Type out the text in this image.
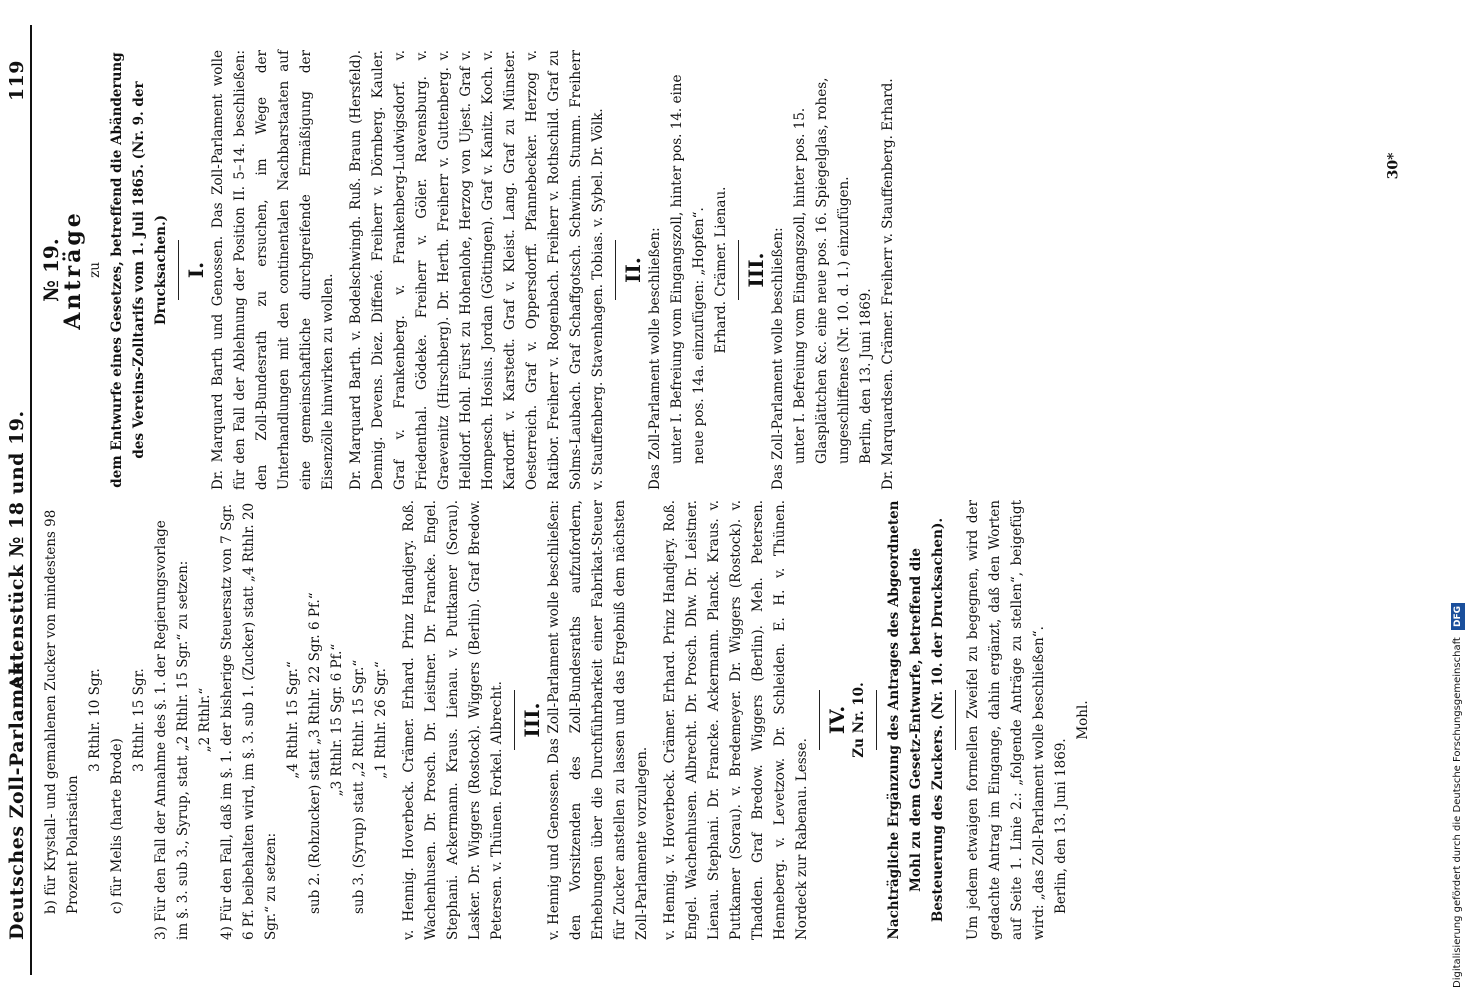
Deutsches Zoll-Parlament.
Aktenstück № 18 und 19.
119

b) für Krystall- und gemahlenen Zucker von mindestens 98 Prozent Polarisation

3 Rthlr. 10 Sgr.

c) für Melis (harte Brode)

3 Rthlr. 15 Sgr. 3) Für den Fall der Annahme des §. 1. der Regierungsvorlage im §. 3. sub 3., Syrup, statt „2 Rthlr. 15 Sgr.“ zu setzen: „2 Rthlr.“ 4) Für den Fall, daß im §. 1. der bisherige Steuersatz von 7 Sgr. 6 Pf. beibehalten wird, im §. 3. sub 1. (Zucker) statt „4 Rthlr. 20 Sgr.“ zu setzen:

„4 Rthlr. 15 Sgr.“ sub 2. (Rohzucker) statt „3 Rthlr. 22 Sgr. 6 Pf.“ „3 Rthlr. 15 Sgr. 6 Pf.“ sub 3. (Syrup) statt „2 Rthlr. 15 Sgr.“ „1 Rthlr. 26 Sgr.“ v. Hennig. Hoverbeck. Crämer. Erhard. Prinz Handjery. Roß. Wachenhusen. Dr. Prosch. Dr. Leistner. Dr. Francke. Engel. Stephani. Ackermann. Kraus. Lienau. v. Puttkamer (Sorau). Lasker. Dr. Wiggers (Rostock). Wiggers (Berlin). Graf Bredow. Petersen. v. Thünen. Forkel. Albrecht. III. v. Hennig und Genossen. Das Zoll-Parlament wolle beschließen: den Vorsitzenden des Zoll-Bundesraths aufzufordern, Erhebungen über die Durchführbarkeit einer Fabrikat-Steuer für Zucker anstellen zu lassen und das Ergebniß dem nächsten Zoll-Parlamente vorzulegen. v. Hennig. v. Hoverbeck. Crämer. Erhard. Prinz Handjery. Roß. Engel. Wachenhusen. Albrecht. Dr. Prosch. Dhw. Dr. Leistner. Lienau. Stephani. Dr. Francke. Ackermann. Planck. Kraus. v. Puttkamer (Sorau). v. Bredemeyer. Dr. Wiggers (Rostock). v. Thadden. Graf Bredow. Wiggers (Berlin). Meh. Petersen. Henneberg. v. Levetzow. Dr. Schleiden. E. H. v. Thünen. Nordeck zur Rabenau. Lesse.

IV. Zu Nr. 10. Nachträgliche Ergänzung des Antrages des Abgeordneten Mohl zu dem Gesetz-Entwurfe, betreffend die Besteuerung des Zuckers. (Nr. 10. der Drucksachen). Um jedem etwaigen formellen Zweifel zu begegnen, wird der gedachte Antrag im Eingange, dahin ergänzt, daß den Worten auf Seite 1. Linie 2.: „folgende Anträge zu stellen“, beigefügt wird: „das Zoll-Parlament wolle beschließen“. Berlin, den 13. Juni 1869.

Mohl.

№ 19.

Anträge zu dem Entwurfe eines Gesetzes, betreffend die Abänderung des Vereins-Zolltarifs vom 1. Juli 1865. (Nr. 9. der Drucksachen.) I. Dr. Marquard Barth und Genossen. Das Zoll-Parlament wolle für den Fall der Ablehnung der Position II. 5–14. beschließen: den Zoll-Bundesrath zu ersuchen, im Wege der Unterhandlungen mit den continentalen Nachbarstaaten auf eine gemeinschaftliche durchgreifende Ermäßigung der Eisenzölle hinwirken zu wollen. Dr. Marquard Barth. v. Bodelschwingh. Ruß. Braun (Hersfeld). Dennig. Devens. Diez. Diffené. Freiherr v. Dörnberg. Kauler. Graf v. Frankenberg. v. Frankenberg-Ludwigsdorf. v. Friedenthal. Gödeke. Freiherr v. Göler. Ravensburg. v. Graevenitz (Hirschberg). Dr. Herth. Freiherr v. Guttenberg. v. Helldorf. Hohl. Fürst zu Hohenlohe, Herzog von Ujest. Graf v. Hompesch. Hosius. Jordan (Göttingen). Graf v. Kanitz. Koch. v. Kardorff. v. Karstedt. Graf v. Kleist. Lang. Graf zu Münster. Oesterreich. Graf v. Oppersdorff. Pfannebecker. Herzog v. Ratibor. Freiherr v. Rogenbach. Freiherr v. Rothschild. Graf zu Solms-Laubach. Graf Schaffgotsch. Schwinn. Stumm. Freiherr v. Stauffenberg. Stavenhagen. Tobias. v. Sybel. Dr. Völk. II. Das Zoll-Parlament wolle beschließen: unter I. Befreiung vom Eingangszoll, hinter pos. 14. eine neue pos. 14a. einzufügen: „Hopfen“. Erhard. Crämer. Lienau. III. Das Zoll-Parlament wolle beschließen: unter I. Befreiung vom Eingangszoll, hinter pos. 15. Glasplättchen &c. eine neue pos. 16. Spiegelglas, rohes, ungeschliffenes (Nr. 10. d. 1.) einzufügen. Berlin, den 13. Juni 1869. Dr. Marquardsen. Crämer. Freiherr v. Stauffenberg. Erhard.	30*
Digitalisierung gefördert durch die Deutsche Forschungsgemeinschaft DFG
